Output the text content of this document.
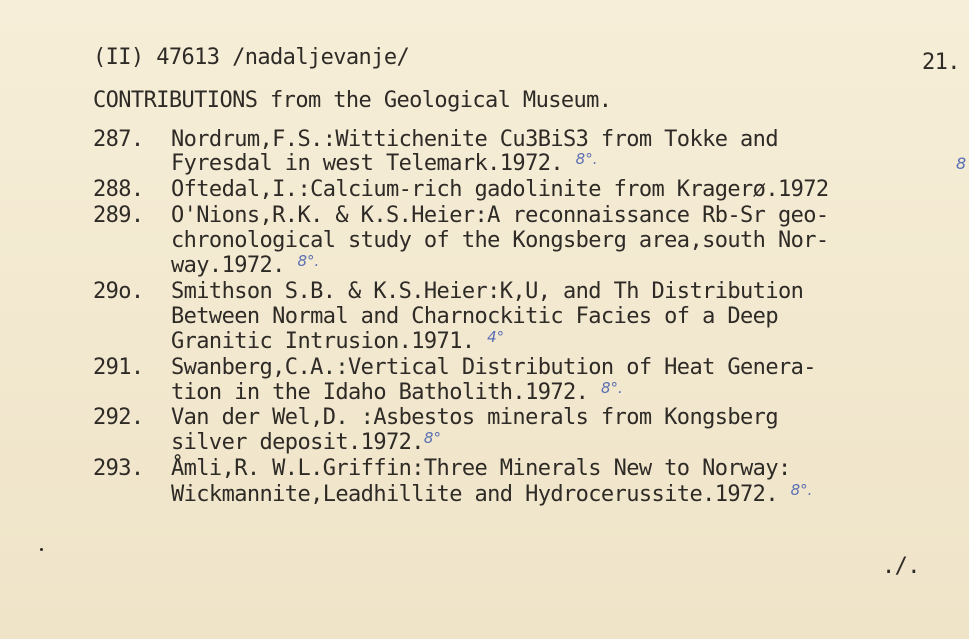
(II) 47613 /nadaljevanje/	21.
CONTRIBUTIONS from the Geological Museum.
287. Nordrum,F.S.:Wittichenite Cu3BiS3 from Tokke and
Fyresdal in west Telemark.1972. $^{8^\circ.}$	8
288. Oftedal,I.:Calcium-rich gadolinite from Kragerø.1972
289. O'Nions,R.K. & K.S.Heier:A reconnaissance Rb-Sr geo-
chronological study of the Kongsberg area,south Nor-
way.1972. $^{8^\circ.}$
29o. Smithson S.B. & K.S.Heier:K,U, and Th Distribution
Between Normal and Charnockitic Facies of a Deep
Granitic Intrusion.1971. $^{4^\circ}$
291. Swanberg,C.A.:Vertical Distribution of Heat Genera-
tion in the Idaho Batholith.1972. $^{8^\circ.}$
292. Van der Wel,D. :Asbestos minerals from Kongsberg
silver deposit.1972.$^{8^\circ}$
293. Åmli,R. W.L.Griffin:Three Minerals New to Norway:
Wickmannite,Leadhillite and Hydrocerussite.1972. $^{8^\circ.}$
./.
